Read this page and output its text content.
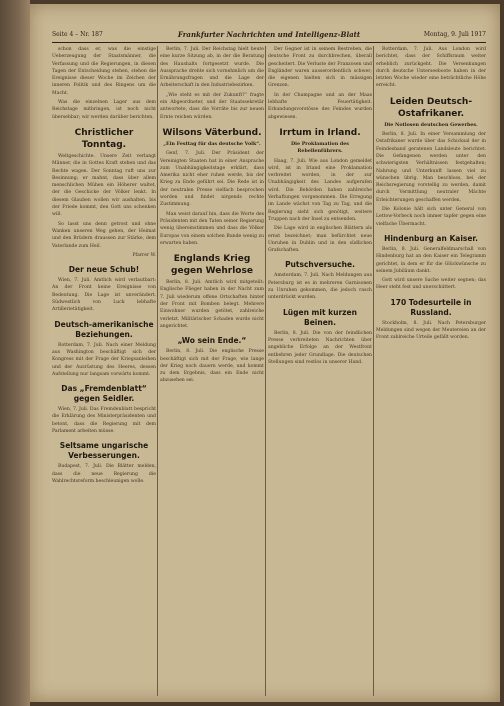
Seite 4 – Nr. 187	Frankfurter Nachrichten und Intelligenz-Blatt	Montag, 9. Juli 1917

schon dass er, was die einstige Ueberzeugung der Staatsmänner, die Verfassung und die Regierungen, in diesen Tagen der Entscheidung stehen, stehen die Ereignisse dieser Woche im Zeichen der inneren Politik und des Ringens um die Macht.

Was die einzelnen Lager aus dem Reichstage mitbringen, ist noch nicht übersehbar; wir werden darüber berichten.

Christlicher Tonntag.

Weltgeschichte. Unsere Zeit verlangt Männer, die in Gottes Kraft stehen und das Rechte wagen. Der Sonntag ruft uns zur Besinnung; er mahnt, dass über allem menschlichen Mühen ein Höherer waltet, der die Geschicke der Völker lenkt. In diesem Glauben wollen wir aushalten, bis der Friede kommt, den Gott uns schenken will.

So lasst uns denn getrost und ohne Wanken unseren Weg gehen, der Heimat und den Brüdern draussen zur Stärke, dem Vaterlande zum Heil.

Pfarrer W.
Der neue Schub!

Wien, 7. Juli. Amtlich wird verlautbart: An der Front keine Ereignisse von Bedeutung. Die Lage ist unverändert. Südwestlich von Luck lebhafte Artillerietätigkeit.

Deutsch-amerikanische Beziehungen.

Rotterdam, 7. Juli. Nach einer Meldung aus Washington beschäftigt sich der Kongress mit der Frage der Kriegsanleihen und der Ausrüstung des Heeres, dessen Aufstellung nur langsam vorwärts kommt.

Das „Fremdenblatt“ gegen Seidler.

Wien, 7. Juli. Das Fremdenblatt bespricht die Erklärung des Ministerpräsidenten und betont, dass die Regierung mit dem Parlament arbeiten müsse.

Seltsame ungarische Verbesserungen.

Budapest, 7. Juli. Die Blätter melden, dass die neue Regierung die Wahlrechtsreform beschleunigen wolle.

Berlin, 7. Juli. Der Reichstag hielt heute eine kurze Sitzung ab, in der die Beratung des Haushalts fortgesetzt wurde. Die Aussprache drehte sich vornehmlich um die Ernährungsfragen und die Lage der Arbeiterschaft in den Industriebezirken.

„Wie steht es mit der Zukunft?“ fragte ein Abgeordneter, und der Staatssekretär antwortete, dass die Vorräte bis zur neuen Ernte reichen würden.

Wilsons Väterbund.
„Ein Festtag für das deutsche Volk“.

Genf, 7. Juli. Der Präsident der Vereinigten Staaten hat in einer Ansprache zum Unabhängigkeitstage erklärt, dass Amerika nicht eher ruhen werde, bis der Krieg zu Ende geführt sei. Die Rede ist in der neutralen Presse vielfach besprochen worden und findet nirgends rechte Zustimmung.

Man weist darauf hin, dass die Worte des Präsidenten mit den Taten seiner Regierung wenig übereinstimmen und dass die Völker Europas von einem solchen Bunde wenig zu erwarten haben.

Englands Krieg gegen Wehrlose

Berlin, 8. Juli. Amtlich wird mitgeteilt: Englische Flieger haben in der Nacht zum 7. Juli wiederum offene Ortschaften hinter der Front mit Bomben belegt. Mehrere Einwohner wurden getötet, zahlreiche verletzt. Militärischer Schaden wurde nicht angerichtet.

„Wo sein Ende.“

Berlin, 8. Juli. Die englische Presse beschäftigt sich mit der Frage, wie lange der Krieg noch dauern werde, und kommt zu dem Ergebnis, dass ein Ende nicht abzusehen sei.

Der Gegner ist in seinem Bestreben, die deutsche Front zu durchbrechen, überall gescheitert. Die Verluste der Franzosen und Engländer waren ausserordentlich schwer; die eigenen hielten sich in mässigen Grenzen.

In der Champagne und an der Maas lebhafte Feuertätigkeit. Erkundungsvorstösse des Feindes wurden abgewiesen.

Irrtum in Irland.
Die Proklamation des Rebellenführers.

Haag, 7. Juli. Wie aus London gemeldet wird, ist in Irland eine Proklamation verbreitet worden, in der zur Unabhängigkeit des Landes aufgerufen wird. Die Behörden haben zahlreiche Verhaftungen vorgenommen. Die Erregung im Lande wächst von Tag zu Tag, und die Regierung sieht sich genötigt, weitere Truppen nach der Insel zu entsenden.

Die Lage wird in englischen Blättern als ernst bezeichnet; man befürchtet neue Unruhen in Dublin und in den südlichen Grafschaften.

Putschversuche.

Amsterdam, 7. Juli. Nach Meldungen aus Petersburg ist es in mehreren Garnisonen zu Unruhen gekommen, die jedoch rasch unterdrückt wurden.

Lügen mit kurzen Beinen.

Berlin, 8. Juli. Die von der feindlichen Presse verbreiteten Nachrichten über angebliche Erfolge an der Westfront entbehren jeder Grundlage. Die deutschen Stellungen sind restlos in unserer Hand.

Rotterdam, 7. Juli. Aus London wird berichtet, dass der Schiffsraum weiter erheblich zurückgeht. Die Versenkungen durch deutsche Unterseeboote haben in der letzten Woche wieder eine beträchtliche Höhe erreicht.

Leiden Deutsch-Ostafrikaner.
Die Notlosen deutschen Gewerbes.

Berlin, 8. Juli. In einer Versammlung der Ostafrikaner wurde über das Schicksal der in Feindeshand geratenen Landsleute berichtet. Die Gefangenen werden unter den schwierigsten Verhältnissen festgehalten; Nahrung und Unterkunft lassen viel zu wünschen übrig. Man beschloss, bei der Reichsregierung vorstellig zu werden, damit durch Vermittlung neutraler Mächte Erleichterungen geschaffen werden.

Die Kolonie hält sich unter General von Lettow-Vorbeck noch immer tapfer gegen eine vielfache Übermacht.

Hindenburg an Kaiser.

Berlin, 8. Juli. Generalfeldmarschall von Hindenburg hat an den Kaiser ein Telegramm gerichtet, in dem er für die Glückwünsche zu seinem Jubiläum dankt.

Gott wird unsere Sache weiter segnen; das Heer steht fest und unerschüttert.

170 Todesurteile in Russland.

Stockholm, 8. Juli. Nach Petersburger Meldungen sind wegen der Meutereien an der Front zahlreiche Urteile gefällt worden.
